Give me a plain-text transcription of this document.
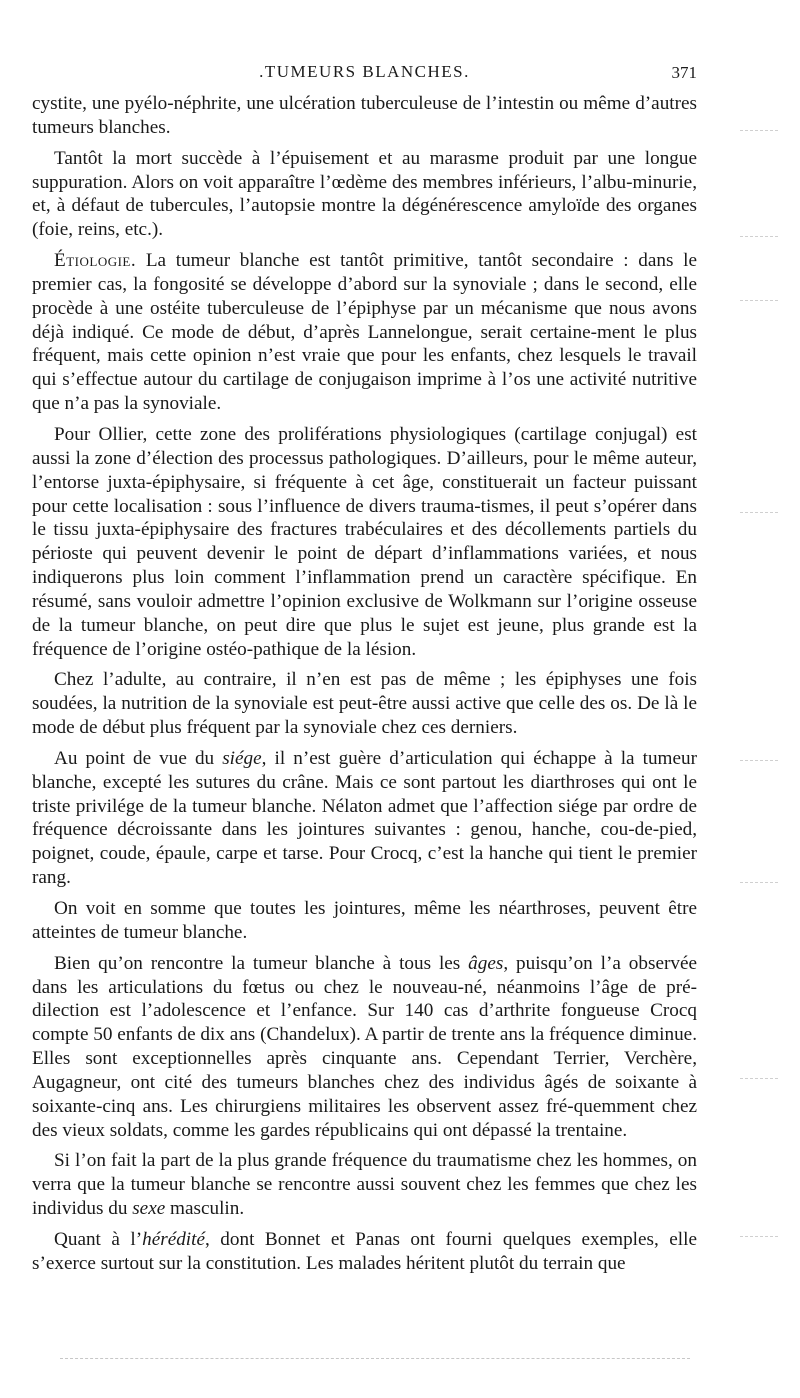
.TUMEURS BLANCHES.	371

cystite, une pyélo-néphrite, une ulcération tuberculeuse de l’intestin ou même d’autres tumeurs blanches.

Tantôt la mort succède à l’épuisement et au marasme produit par une longue suppuration. Alors on voit apparaître l’œdème des membres inférieurs, l’albu-minurie, et, à défaut de tubercules, l’autopsie montre la dégénérescence amyloïde des organes (foie, reins, etc.).

Étiologie. La tumeur blanche est tantôt primitive, tantôt secondaire : dans le premier cas, la fongosité se développe d’abord sur la synoviale ; dans le second, elle procède à une ostéite tuberculeuse de l’épiphyse par un mécanisme que nous avons déjà indiqué. Ce mode de début, d’après Lannelongue, serait certaine-ment le plus fréquent, mais cette opinion n’est vraie que pour les enfants, chez lesquels le travail qui s’effectue autour du cartilage de conjugaison imprime à l’os une activité nutritive que n’a pas la synoviale.

Pour Ollier, cette zone des proliférations physiologiques (cartilage conjugal) est aussi la zone d’élection des processus pathologiques. D’ailleurs, pour le même auteur, l’entorse juxta-épiphysaire, si fréquente à cet âge, constituerait un facteur puissant pour cette localisation : sous l’influence de divers trauma-tismes, il peut s’opérer dans le tissu juxta-épiphysaire des fractures trabéculaires et des décollements partiels du périoste qui peuvent devenir le point de départ d’inflammations variées, et nous indiquerons plus loin comment l’inflammation prend un caractère spécifique. En résumé, sans vouloir admettre l’opinion exclusive de Wolkmann sur l’origine osseuse de la tumeur blanche, on peut dire que plus le sujet est jeune, plus grande est la fréquence de l’origine ostéo-pathique de la lésion.

Chez l’adulte, au contraire, il n’en est pas de même ; les épiphyses une fois soudées, la nutrition de la synoviale est peut-être aussi active que celle des os. De là le mode de début plus fréquent par la synoviale chez ces derniers.

Au point de vue du siége, il n’est guère d’articulation qui échappe à la tumeur blanche, excepté les sutures du crâne. Mais ce sont partout les diarthroses qui ont le triste privilége de la tumeur blanche. Nélaton admet que l’affection siége par ordre de fréquence décroissante dans les jointures suivantes : genou, hanche, cou-de-pied, poignet, coude, épaule, carpe et tarse. Pour Crocq, c’est la hanche qui tient le premier rang.

On voit en somme que toutes les jointures, même les néarthroses, peuvent être atteintes de tumeur blanche.

Bien qu’on rencontre la tumeur blanche à tous les âges, puisqu’on l’a observée dans les articulations du fœtus ou chez le nouveau-né, néanmoins l’âge de pré-dilection est l’adolescence et l’enfance. Sur 140 cas d’arthrite fongueuse Crocq compte 50 enfants de dix ans (Chandelux). A partir de trente ans la fréquence diminue. Elles sont exceptionnelles après cinquante ans. Cependant Terrier, Verchère, Augagneur, ont cité des tumeurs blanches chez des individus âgés de soixante à soixante-cinq ans. Les chirurgiens militaires les observent assez fré-quemment chez des vieux soldats, comme les gardes républicains qui ont dépassé la trentaine.

Si l’on fait la part de la plus grande fréquence du traumatisme chez les hommes, on verra que la tumeur blanche se rencontre aussi souvent chez les femmes que chez les individus du sexe masculin.

Quant à l’hérédité, dont Bonnet et Panas ont fourni quelques exemples, elle s’exerce surtout sur la constitution. Les malades héritent plutôt du terrain que
